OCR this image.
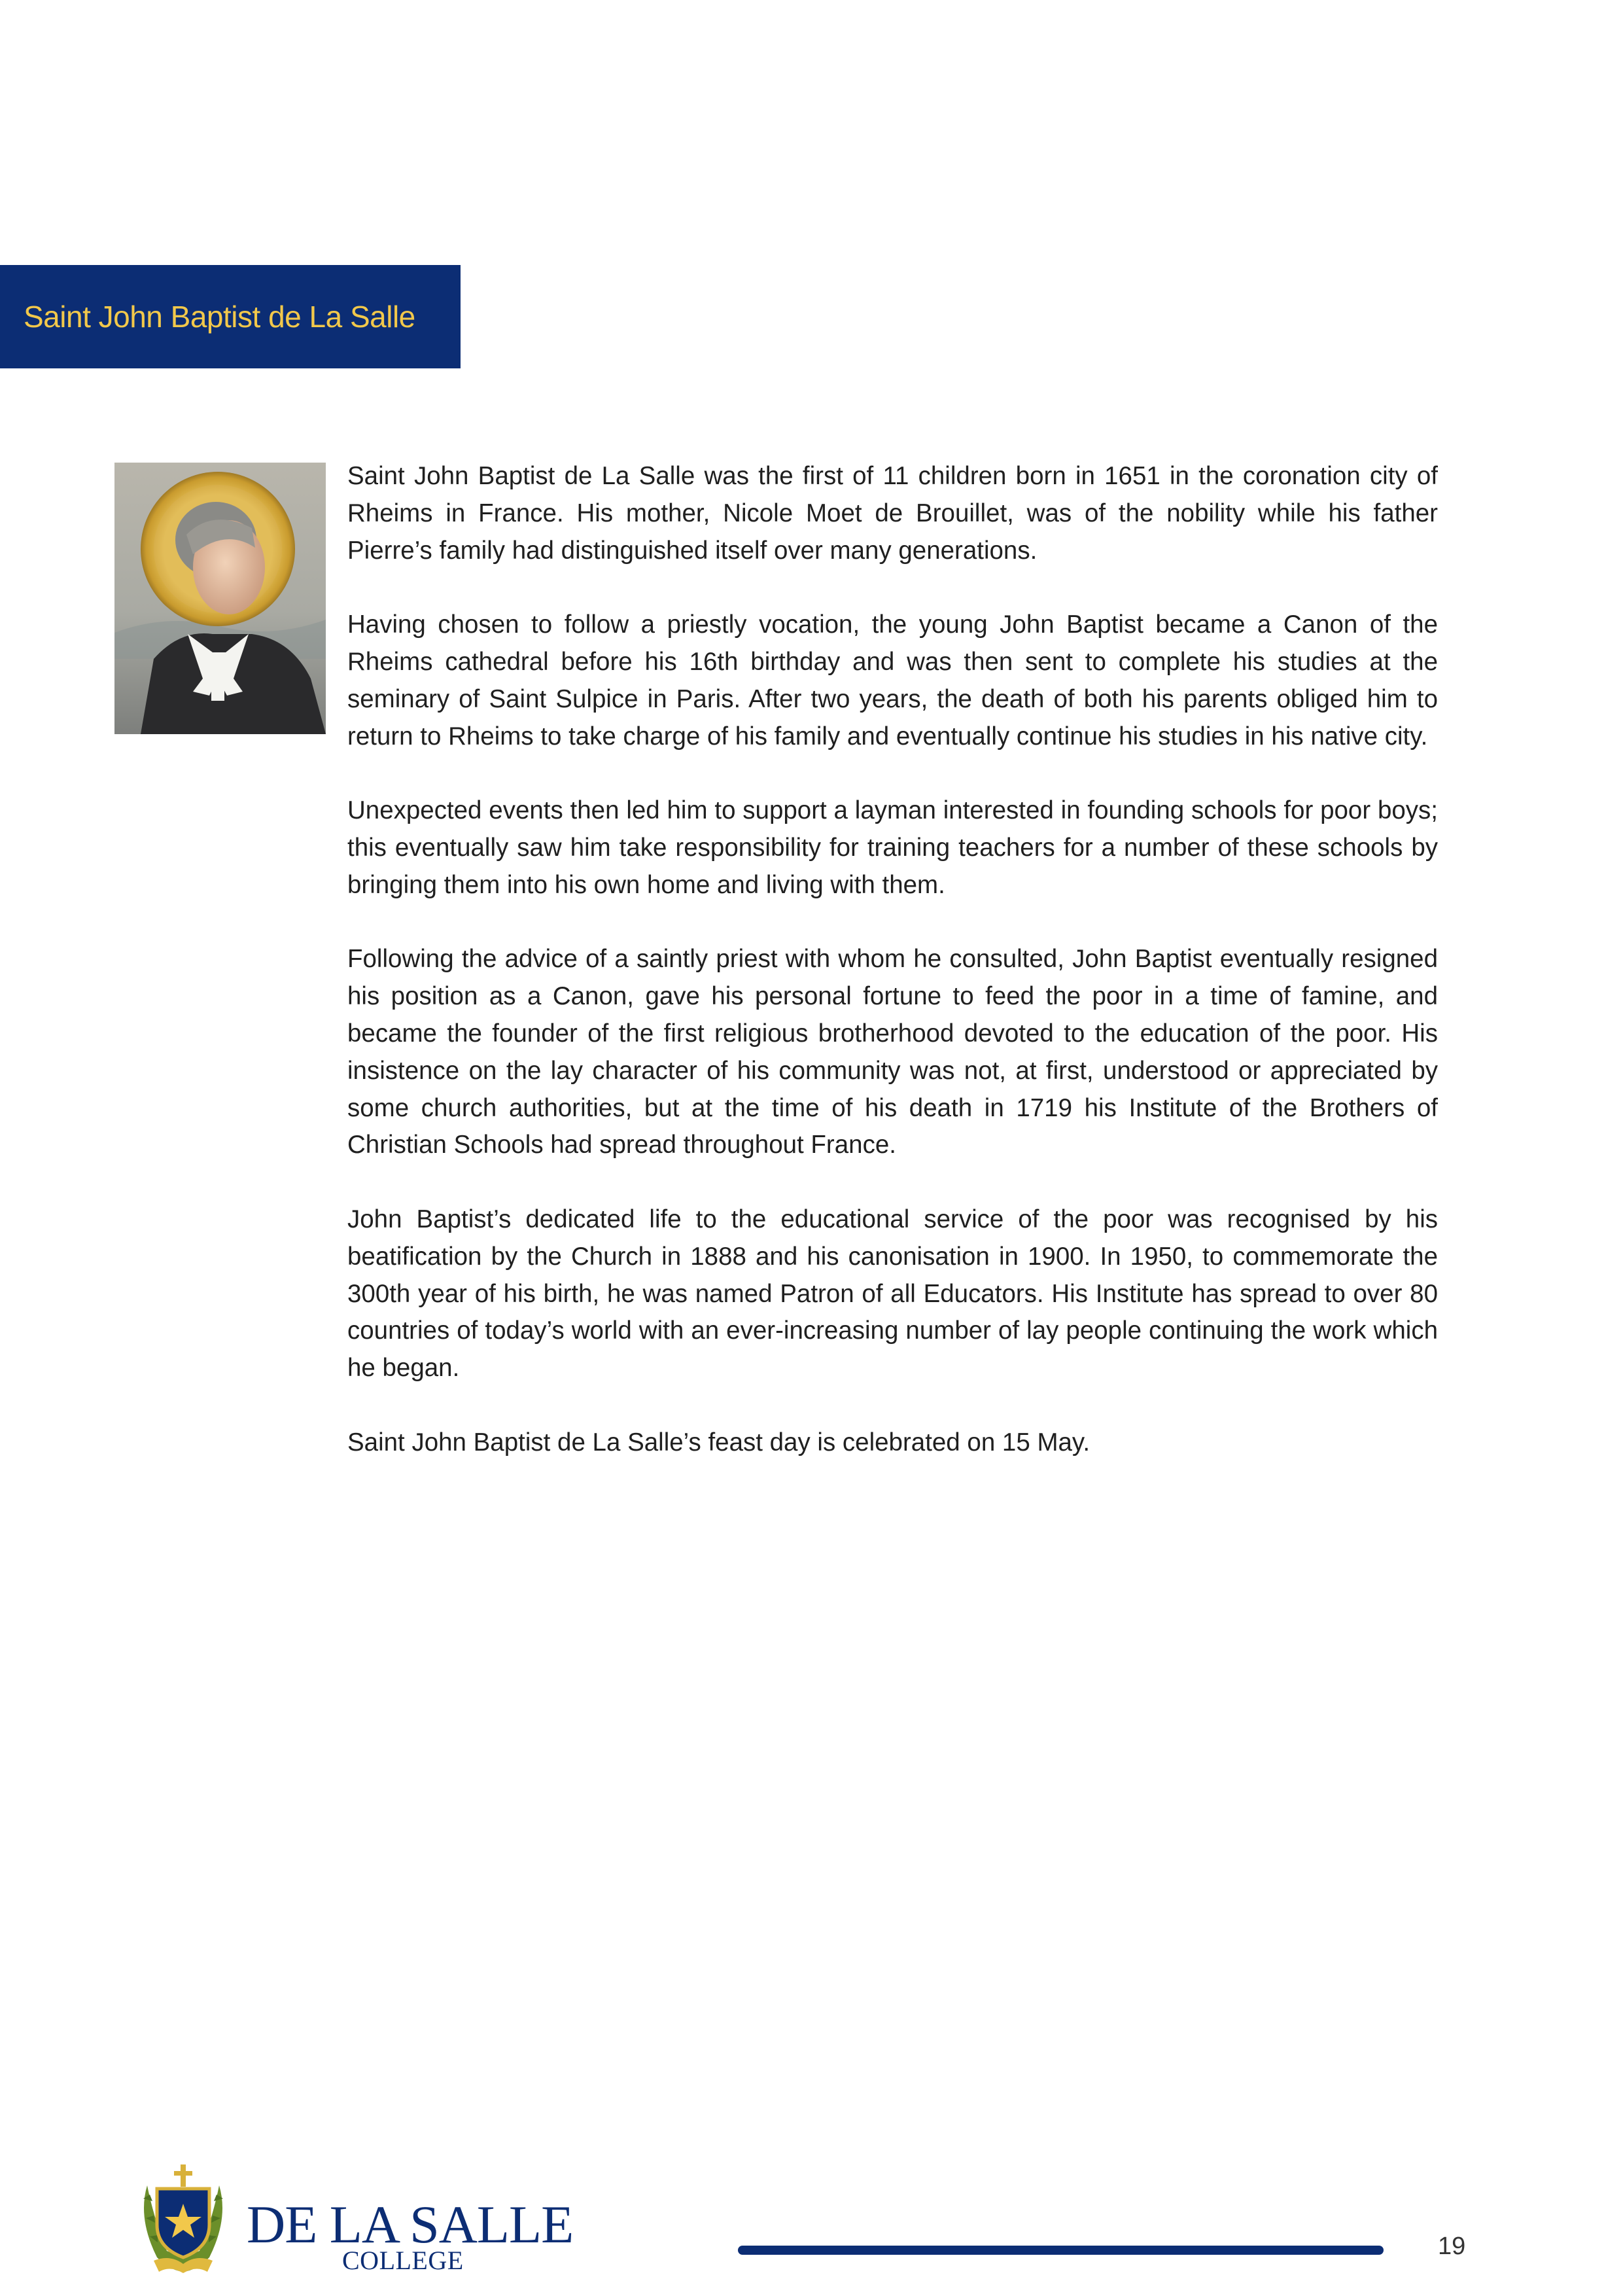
Saint John Baptist de La Salle

Saint John Baptist de La Salle was the first of 11 children born in 1651 in the coronation city of Rheims in France. His mother, Nicole Moet de Brouillet, was of the nobility while his father Pierre’s family had distinguished itself over many generations.

Having chosen to follow a priestly vocation, the young John Baptist became a Canon of the Rheims cathedral before his 16th birthday and was then sent to complete his studies at the seminary of Saint Sulpice in Paris. After two years, the death of both his parents obliged him to return to Rheims to take charge of his family and eventually continue his studies in his native city.

Unexpected events then led him to support a layman interested in founding schools for poor boys; this eventually saw him take responsibility for training teachers for a number of these schools by bringing them into his own home and living with them.

Following the advice of a saintly priest with whom he consulted, John Baptist eventually resigned his position as a Canon, gave his personal fortune to feed the poor in a time of famine, and became the founder of the first religious brotherhood devoted to the education of the poor. His insistence on the lay character of his community was not, at first, understood or appreciated by some church authorities, but at the time of his death in 1719 his Institute of the Brothers of Christian Schools had spread throughout France.

John Baptist’s dedicated life to the educational service of the poor was recognised by his beatification by the Church in 1888 and his canonisation in 1900. In 1950, to commemorate the 300th year of his birth, he was named Patron of all Educators. His Institute has spread to over 80 countries of today’s world with an ever-increasing number of lay people continuing the work which he began.

Saint John Baptist de La Salle’s feast day is celebrated on 15 May.

DE LA SALLE
COLLEGE	19
